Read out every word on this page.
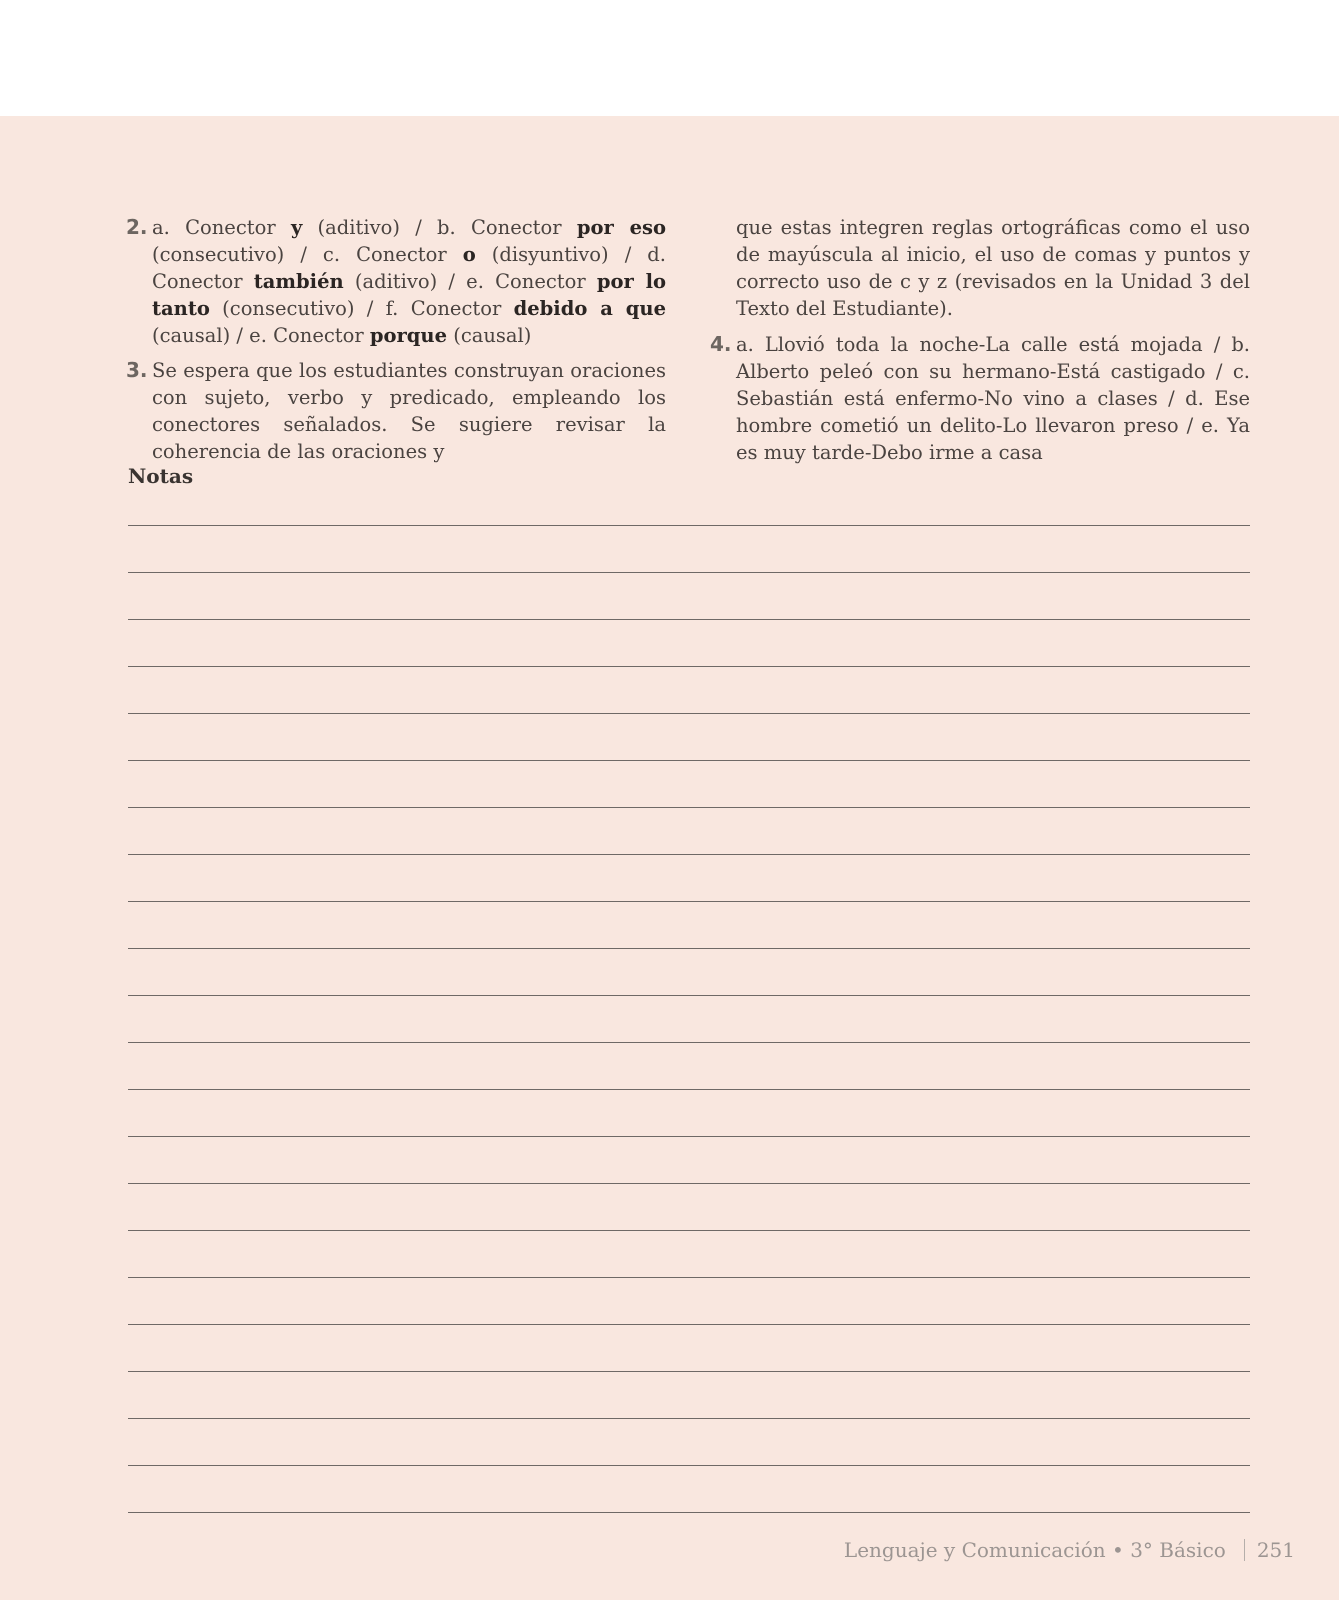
2. a. Conector y (aditivo) / b. Conector por eso (consecutivo) / c. Conector o (disyuntivo) / d. Conector también (aditivo) / e. Conector por lo tanto (consecutivo) / f. Conector debido a que (causal) / e. Conector porque (causal)

3. Se espera que los estudiantes construyan oraciones con sujeto, verbo y predicado, empleando los conectores señalados. Se sugiere revisar la coherencia de las oraciones y

que estas integren reglas ortográficas como el uso de mayúscula al inicio, el uso de comas y puntos y correcto uso de c y z (revisados en la Unidad 3 del Texto del Estudiante).

4. a. Llovió toda la noche-La calle está mojada / b. Alberto peleó con su hermano-Está castigado / c. Sebastián está enfermo-No vino a clases / d. Ese hombre cometió un delito-Lo llevaron preso / e. Ya es muy tarde-Debo irme a casa

Notas
Lenguaje y Comunicación • 3° Básico 251
